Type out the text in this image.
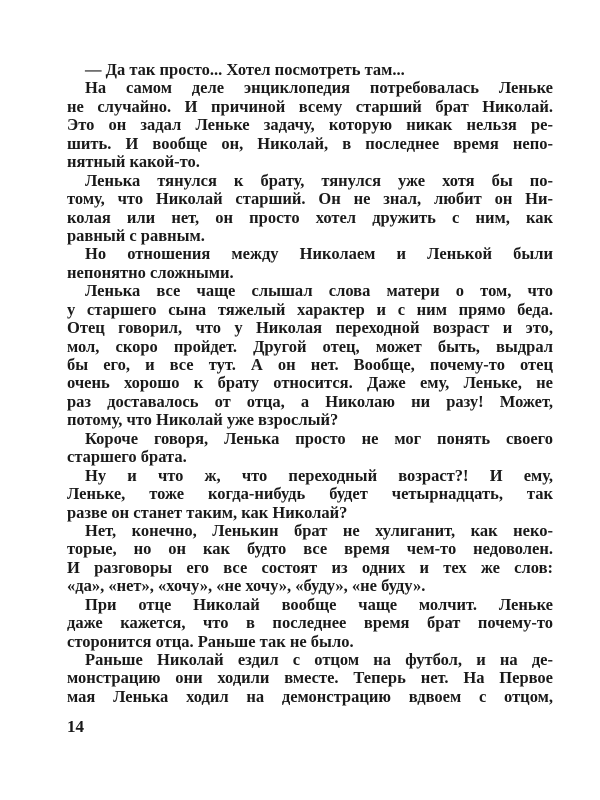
— Да так просто... Хотел посмотреть там...
На самом деле энциклопедия потребовалась Леньке
не случайно. И причиной всему старший брат Николай.
Это он задал Леньке задачу, которую никак нельзя ре-
шить. И вообще он, Николай, в последнее время непо-
нятный какой-то.
Ленька тянулся к брату, тянулся уже хотя бы по-
тому, что Николай старший. Он не знал, любит он Ни-
колая или нет, он просто хотел дружить с ним, как
равный с равным.
Но отношения между Николаем и Ленькой были
непонятно сложными.
Ленька все чаще слышал слова матери о том, что
у старшего сына тяжелый характер и с ним прямо беда.
Отец говорил, что у Николая переходной возраст и это,
мол, скоро пройдет. Другой отец, может быть, выдрал
бы его, и все тут. А он нет. Вообще, почему-то отец
очень хорошо к брату относится. Даже ему, Леньке, не
раз доставалось от отца, а Николаю ни разу! Может,
потому, что Николай уже взрослый?
Короче говоря, Ленька просто не мог понять своего
старшего брата.
Ну и что ж, что переходный возраст?! И ему,
Леньке, тоже когда-нибудь будет четырнадцать, так
разве он станет таким, как Николай?
Нет, конечно, Ленькин брат не хулиганит, как неко-
торые, но он как будто все время чем-то недоволен.
И разговоры его все состоят из одних и тех же слов:
«да», «нет», «хочу», «не хочу», «буду», «не буду».
При отце Николай вообще чаще молчит. Леньке
даже кажется, что в последнее время брат почему-то
сторонится отца. Раньше так не было.
Раньше Николай ездил с отцом на футбол, и на де-
монстрацию они ходили вместе. Теперь нет. На Первое
мая Ленька ходил на демонстрацию вдвоем с отцом,
14
